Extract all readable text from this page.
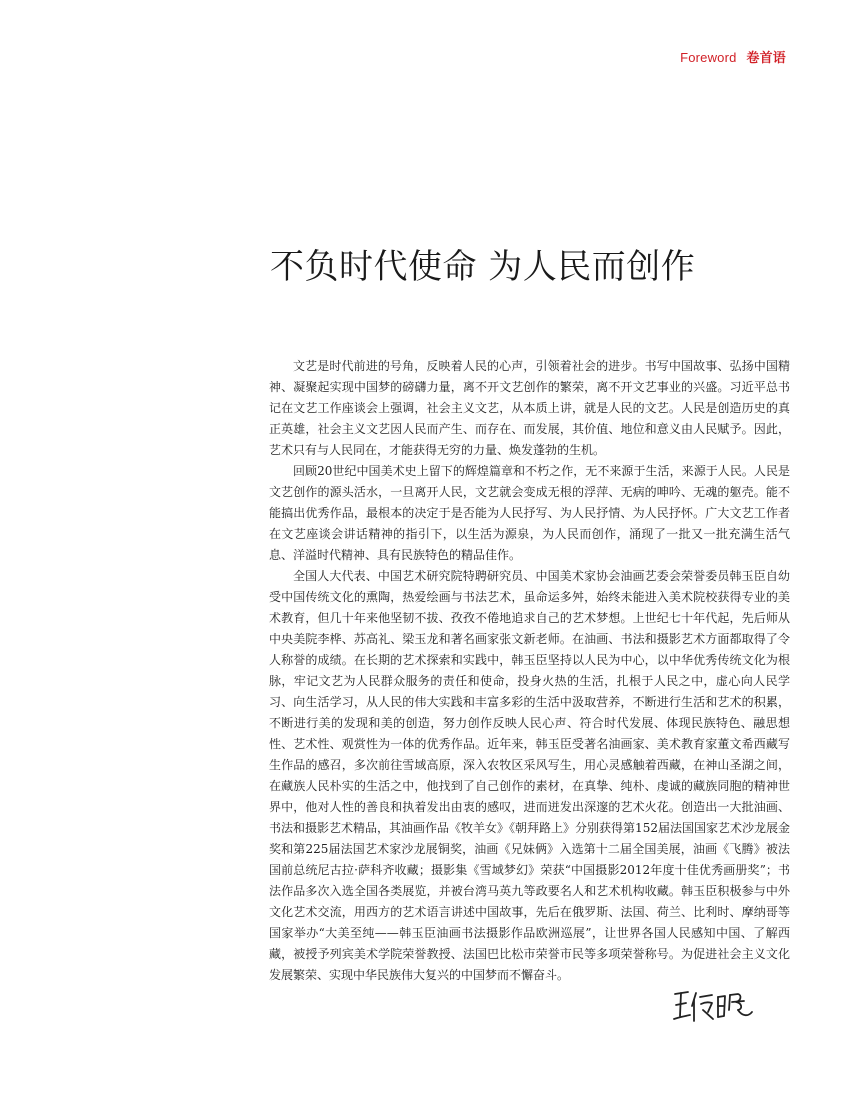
Foreword 卷首语
不负时代使命 为人民而创作

文艺是时代前进的号角，反映着人民的心声，引领着社会的进步。书写中国故事、弘扬中国精神、凝聚起实现中国梦的磅礴力量，离不开文艺创作的繁荣，离不开文艺事业的兴盛。习近平总书记在文艺工作座谈会上强调，社会主义文艺，从本质上讲，就是人民的文艺。人民是创造历史的真正英雄，社会主义文艺因人民而产生、而存在、而发展，其价值、地位和意义由人民赋予。因此，艺术只有与人民同在，才能获得无穷的力量、焕发蓬勃的生机。

回顾20世纪中国美术史上留下的辉煌篇章和不朽之作，无不来源于生活，来源于人民。人民是文艺创作的源头活水，一旦离开人民，文艺就会变成无根的浮萍、无病的呻吟、无魂的躯壳。能不能搞出优秀作品，最根本的决定于是否能为人民抒写、为人民抒情、为人民抒怀。广大文艺工作者在文艺座谈会讲话精神的指引下，以生活为源泉，为人民而创作，涌现了一批又一批充满生活气息、洋溢时代精神、具有民族特色的精品佳作。

全国人大代表、中国艺术研究院特聘研究员、中国美术家协会油画艺委会荣誉委员韩玉臣自幼受中国传统文化的熏陶，热爱绘画与书法艺术，虽命运多舛，始终未能进入美术院校获得专业的美术教育，但几十年来他坚韧不拔、孜孜不倦地追求自己的艺术梦想。上世纪七十年代起，先后师从中央美院李桦、苏高礼、梁玉龙和著名画家张文新老师。在油画、书法和摄影艺术方面都取得了令人称誉的成绩。在长期的艺术探索和实践中，韩玉臣坚持以人民为中心，以中华优秀传统文化为根脉，牢记文艺为人民群众服务的责任和使命，投身火热的生活，扎根于人民之中，虚心向人民学习、向生活学习，从人民的伟大实践和丰富多彩的生活中汲取营养，不断进行生活和艺术的积累，不断进行美的发现和美的创造，努力创作反映人民心声、符合时代发展、体现民族特色、融思想性、艺术性、观赏性为一体的优秀作品。近年来，韩玉臣受著名油画家、美术教育家董文希西藏写生作品的感召，多次前往雪域高原，深入农牧区采风写生，用心灵感触着西藏，在神山圣湖之间，在藏族人民朴实的生活之中，他找到了自己创作的素材，在真挚、纯朴、虔诚的藏族同胞的精神世界中，他对人性的善良和执着发出由衷的感叹，进而迸发出深邃的艺术火花。创造出一大批油画、书法和摄影艺术精品，其油画作品《牧羊女》《朝拜路上》分别获得第152届法国国家艺术沙龙展金奖和第225届法国艺术家沙龙展铜奖，油画《兄妹俩》入选第十二届全国美展，油画《飞腾》被法国前总统尼古拉·萨科齐收藏；摄影集《雪域梦幻》荣获“中国摄影2012年度十佳优秀画册奖”；书法作品多次入选全国各类展览，并被台湾马英九等政要名人和艺术机构收藏。韩玉臣积极参与中外文化艺术交流，用西方的艺术语言讲述中国故事，先后在俄罗斯、法国、荷兰、比利时、摩纳哥等国家举办“大美至纯——韩玉臣油画书法摄影作品欧洲巡展”，让世界各国人民感知中国、了解西藏，被授予列宾美术学院荣誉教授、法国巴比松市荣誉市民等多项荣誉称号。为促进社会主义文化发展繁荣、实现中华民族伟大复兴的中国梦而不懈奋斗。
